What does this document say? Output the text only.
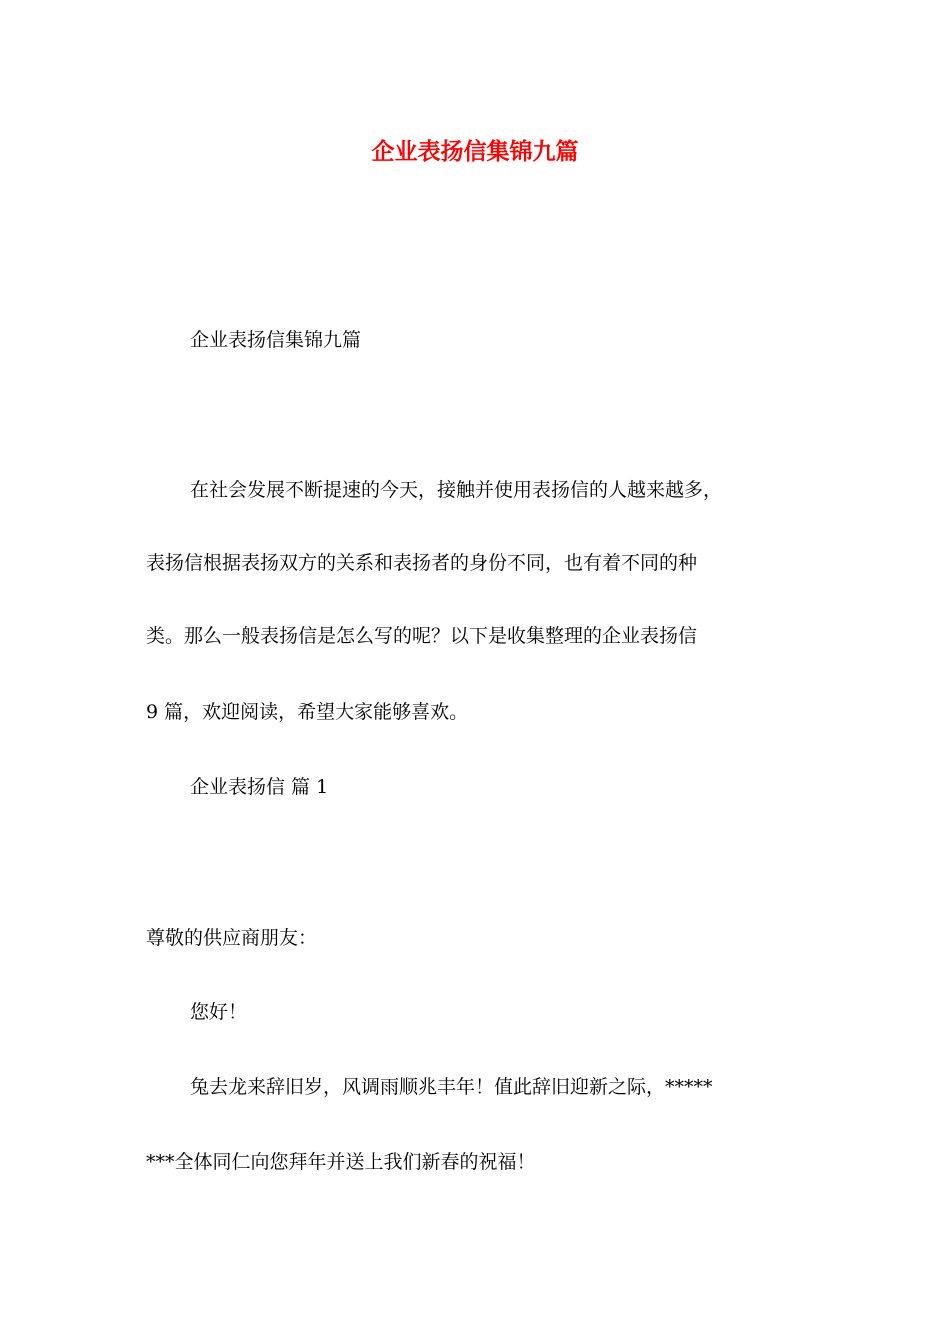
企业表扬信集锦九篇
企业表扬信集锦九篇
在社会发展不断提速的今天，接触并使用表扬信的人越来越多，
表扬信根据表扬双方的关系和表扬者的身份不同，也有着不同的种
类。那么一般表扬信是怎么写的呢？以下是收集整理的企业表扬信
9 篇，欢迎阅读，希望大家能够喜欢。
企业表扬信 篇 1
尊敬的供应商朋友：
您好！
兔去龙来辞旧岁，风调雨顺兆丰年！值此辞旧迎新之际，*****
***全体同仁向您拜年并送上我们新春的祝福！
